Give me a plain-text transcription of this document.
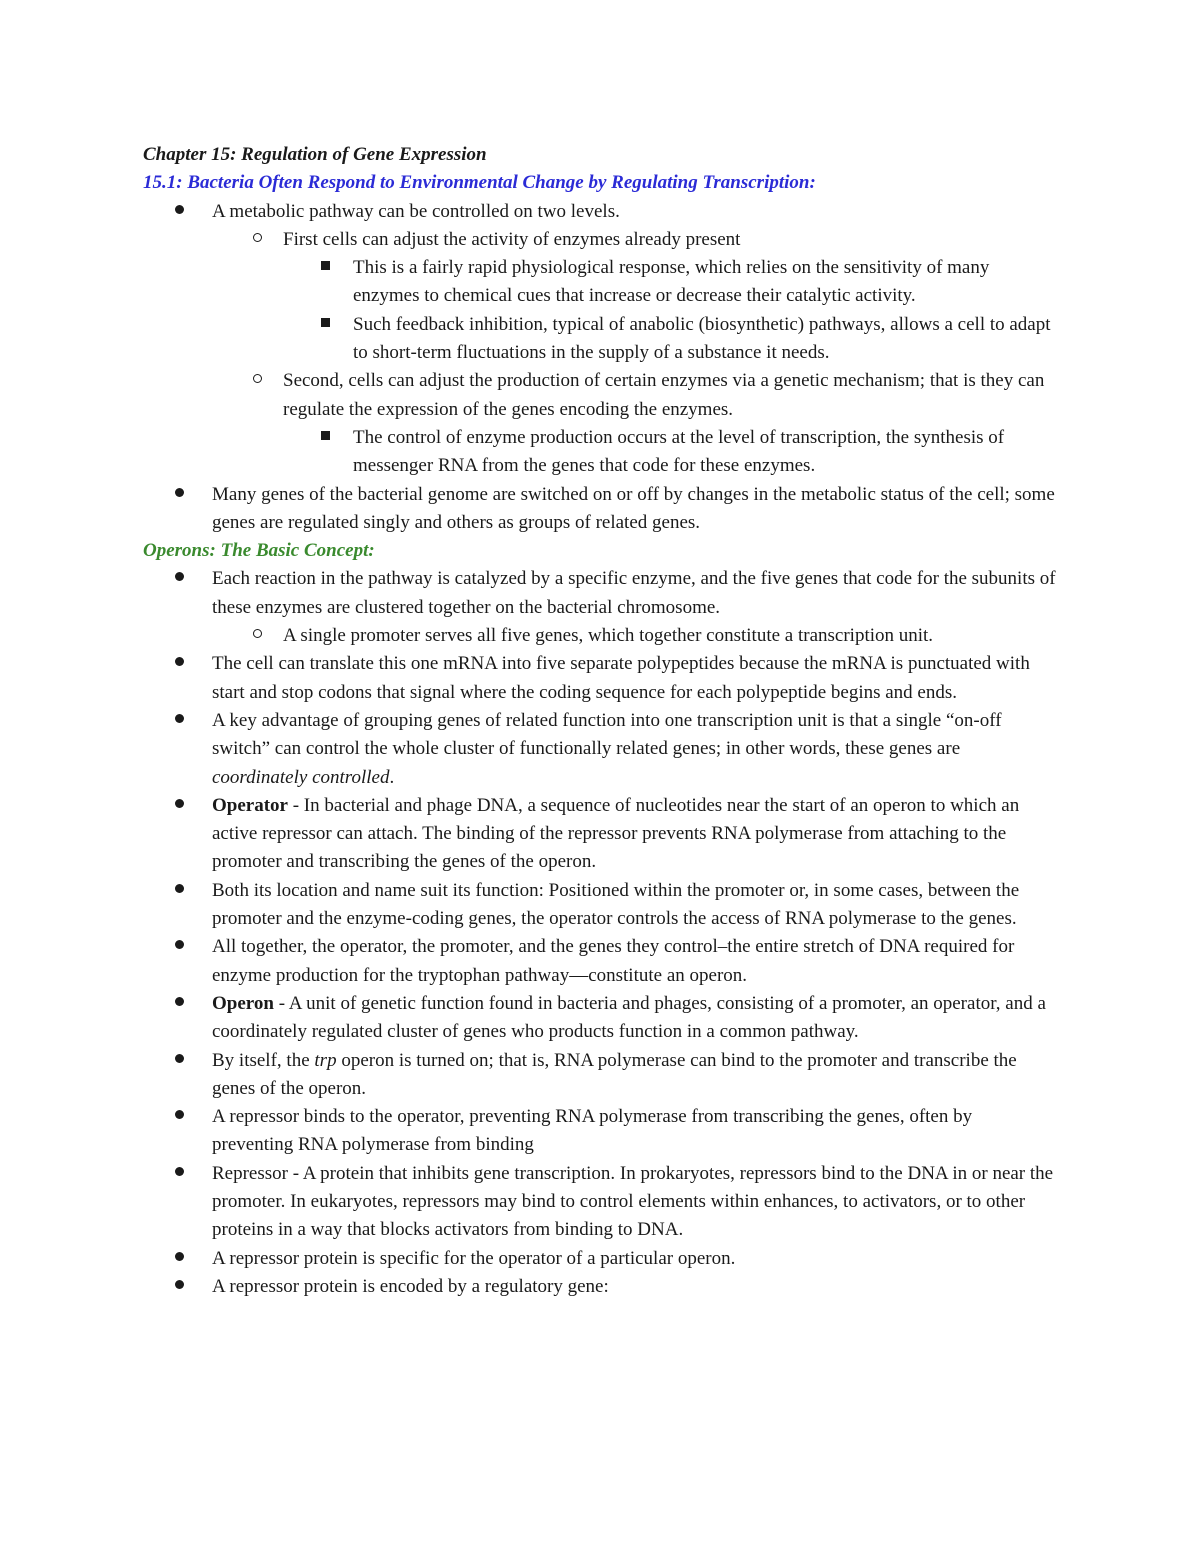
Chapter 15: Regulation of Gene Expression
15.1: Bacteria Often Respond to Environmental Change by Regulating Transcription:
A metabolic pathway can be controlled on two levels.
First cells can adjust the activity of enzymes already present
This is a fairly rapid physiological response, which relies on the sensitivity of many enzymes to chemical cues that increase or decrease their catalytic activity.
Such feedback inhibition, typical of anabolic (biosynthetic) pathways, allows a cell to adapt to short-term fluctuations in the supply of a substance it needs.
Second, cells can adjust the production of certain enzymes via a genetic mechanism; that is they can regulate the expression of the genes encoding the enzymes.
The control of enzyme production occurs at the level of transcription, the synthesis of messenger RNA from the genes that code for these enzymes.
Many genes of the bacterial genome are switched on or off by changes in the metabolic status of the cell; some genes are regulated singly and others as groups of related genes.
Operons: The Basic Concept:
Each reaction in the pathway is catalyzed by a specific enzyme, and the five genes that code for the subunits of these enzymes are clustered together on the bacterial chromosome.
A single promoter serves all five genes, which together constitute a transcription unit.
The cell can translate this one mRNA into five separate polypeptides because the mRNA is punctuated with start and stop codons that signal where the coding sequence for each polypeptide begins and ends.
A key advantage of grouping genes of related function into one transcription unit is that a single “on-off switch” can control the whole cluster of functionally related genes; in other words, these genes are coordinately controlled.
Operator - In bacterial and phage DNA, a sequence of nucleotides near the start of an operon to which an active repressor can attach. The binding of the repressor prevents RNA polymerase from attaching to the promoter and transcribing the genes of the operon.
Both its location and name suit its function: Positioned within the promoter or, in some cases, between the promoter and the enzyme-coding genes, the operator controls the access of RNA polymerase to the genes.
All together, the operator, the promoter, and the genes they control–the entire stretch of DNA required for enzyme production for the tryptophan pathway—constitute an operon.
Operon - A unit of genetic function found in bacteria and phages, consisting of a promoter, an operator, and a coordinately regulated cluster of genes who products function in a common pathway.
By itself, the trp operon is turned on; that is, RNA polymerase can bind to the promoter and transcribe the genes of the operon.
A repressor binds to the operator, preventing RNA polymerase from transcribing the genes, often by preventing RNA polymerase from binding
Repressor - A protein that inhibits gene transcription. In prokaryotes, repressors bind to the DNA in or near the promoter. In eukaryotes, repressors may bind to control elements within enhances, to activators, or to other proteins in a way that blocks activators from binding to DNA.
A repressor protein is specific for the operator of a particular operon.
A repressor protein is encoded by a regulatory gene:
